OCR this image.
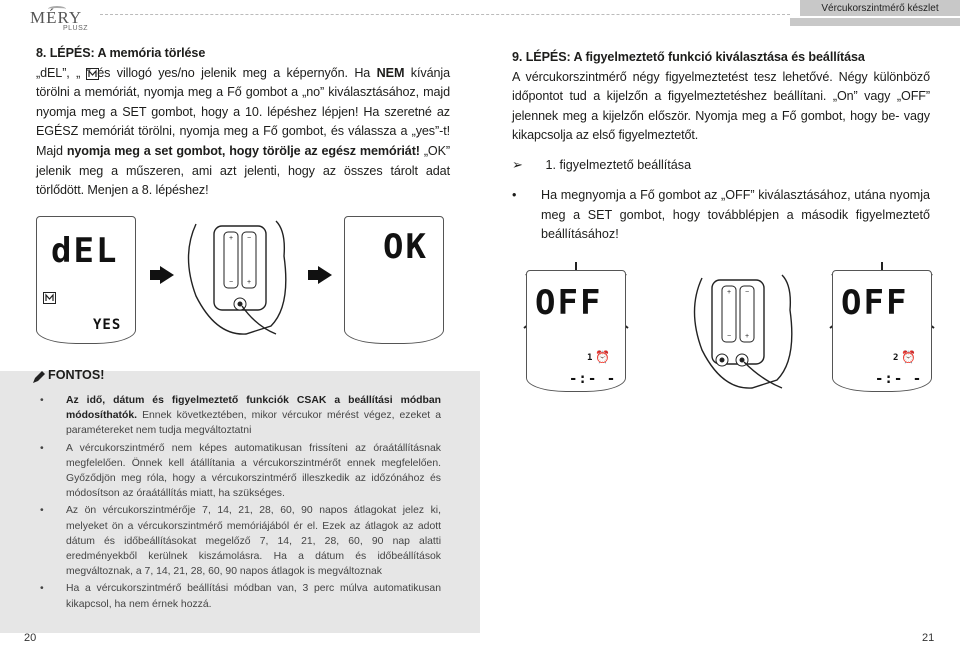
MÉRY
PLUSZ
Vércukorszintmérő készlet
8. LÉPÉS: A memória törlése
„dEL”, „ ” és villogó yes/no jelenik meg a képernyőn. Ha NEM kívánja törölni a memóriát, nyomja meg a Fő gombot a „no” kiválasztásához, majd nyomja meg a SET gombot, hogy a 10. lépéshez lépjen! Ha szeretné az EGÉSZ memóriát törölni, nyomja meg a Fő gombot, és válassza a „yes”-t! Majd nyomja meg a set gombot, hogy törölje az egész memóriát! „OK” jelenik meg a műszeren, ami azt jelenti, hogy az összes tárolt adat törlődött. Menjen a 8. lépéshez!
dEL
YES
+ −
− +
OK
9. LÉPÉS: A figyelmeztető funkció kiválasztása és beállítása
A vércukorszintmérő négy figyelmeztetést tesz lehetővé. Négy különböző időpontot tud a kijelzőn a figyelmeztetéshez beállítani. „On” vagy „OFF” jelennek meg a kijelzőn először. Nyomja meg a Fő gombot, hogy be- vagy kikapcsolja az első figyelmeztetőt.
➢ 1. figyelmeztető beállítása
• Ha megnyomja a Fő gombot az „OFF” kiválasztásához, utána nyomja meg a SET gombot, hogy továbblépjen a második figyelmeztető beállításához!
OFF
1 ⏰
-:- -
+ −
− +
OFF
2 ⏰
-:- -
FONTOS!
• Az idő, dátum és figyelmeztető funkciók CSAK a beállítási módban módosíthatók. Ennek következtében, mikor vércukor mérést végez, ezeket a paramétereket nem tudja megváltoztatni
• A vércukorszintmérő nem képes automatikusan frissíteni az óraátállításnak megfelelően. Önnek kell átállítania a vércukorszintmérőt ennek megfelelően. Győződjön meg róla, hogy a vércukorszintmérő illeszkedik az időzónához és módosítson az óraátállítás miatt, ha szükséges.
• Az ön vércukorszintmérője 7, 14, 21, 28, 60, 90 napos átlagokat jelez ki, melyeket ön a vércukorszintmérő memóriájából ér el. Ezek az átlagok az adott dátum és időbeállításokat megelőző 7, 14, 21, 28, 60, 90 nap alatti eredményekből kerülnek kiszámolásra. Ha a dátum és időbeállítások megváltoznak, a 7, 14, 21, 28, 60, 90 napos átlagok is megváltoznak
• Ha a vércukorszintmérő beállítási módban van, 3 perc múlva automatikusan kikapcsol, ha nem érnek hozzá.
20	21
